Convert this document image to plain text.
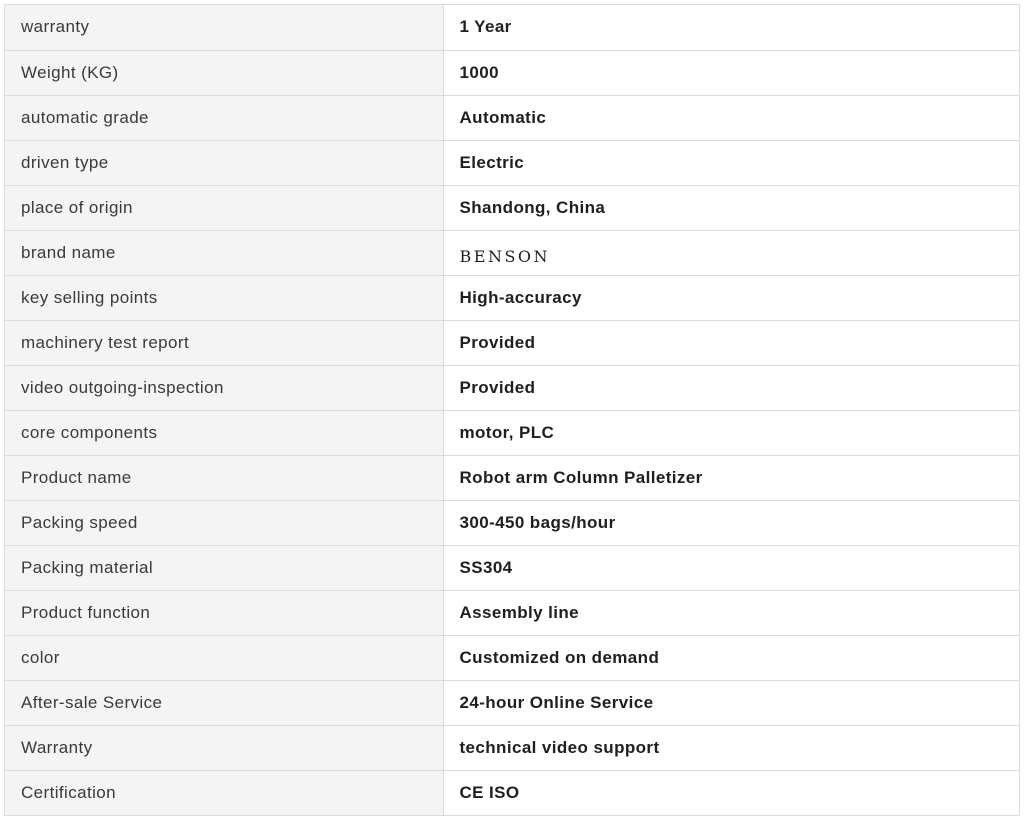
warranty	1 Year
Weight (KG)	1000
automatic grade	Automatic
driven type	Electric
place of origin	Shandong, China
brand name	BENSON
key selling points	High-accuracy
machinery test report	Provided
video outgoing-inspection	Provided
core components	motor, PLC
Product name	Robot arm Column Palletizer
Packing speed	300-450 bags/hour
Packing material	SS304
Product function	Assembly line
color	Customized on demand
After-sale Service	24-hour Online Service
Warranty	technical video support
Certification	CE ISO
